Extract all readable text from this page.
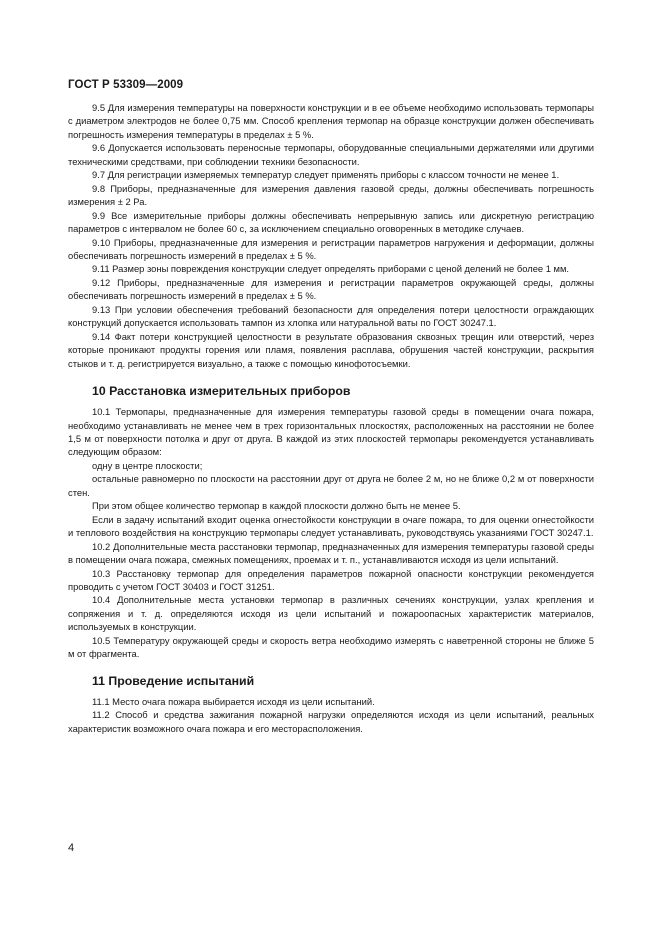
ГОСТ Р 53309—2009

9.5 Для измерения температуры на поверхности конструкции и в ее объеме необходимо использовать термопары с диаметром электродов не более 0,75 мм. Способ крепления термопар на образце конструкции должен обеспечивать погрешность измерения температуры в пределах ± 5 %.

9.6 Допускается использовать переносные термопары, оборудованные специальными держателями или другими техническими средствами, при соблюдении техники безопасности.

9.7 Для регистрации измеряемых температур следует применять приборы с классом точности не менее 1.

9.8 Приборы, предназначенные для измерения давления газовой среды, должны обеспечивать погрешность измерения ± 2 Ра.

9.9 Все измерительные приборы должны обеспечивать непрерывную запись или дискретную регистрацию параметров с интервалом не более 60 с, за исключением специально оговоренных в методике случаев.

9.10 Приборы, предназначенные для измерения и регистрации параметров нагружения и деформации, должны обеспечивать погрешность измерений в пределах ± 5 %.

9.11 Размер зоны повреждения конструкции следует определять приборами с ценой делений не более 1 мм.

9.12 Приборы, предназначенные для измерения и регистрации параметров окружающей среды, должны обеспечивать погрешность измерений в пределах ± 5 %.

9.13 При условии обеспечения требований безопасности для определения потери целостности ограждающих конструкций допускается использовать тампон из хлопка или натуральной ваты по ГОСТ 30247.1.

9.14 Факт потери конструкцией целостности в результате образования сквозных трещин или отверстий, через которые проникают продукты горения или пламя, появления расплава, обрушения частей конструкции, раскрытия стыков и т. д. регистрируется визуально, а также с помощью кинофотосъемки.

10 Расстановка измерительных приборов

10.1 Термопары, предназначенные для измерения температуры газовой среды в помещении очага пожара, необходимо устанавливать не менее чем в трех горизонтальных плоскостях, расположенных на расстоянии не более 1,5 м от поверхности потолка и друг от друга. В каждой из этих плоскостей термопары рекомендуется устанавливать следующим образом:

одну в центре плоскости;

остальные равномерно по плоскости на расстоянии друг от друга не более 2 м, но не ближе 0,2 м от поверхности стен.

При этом общее количество термопар в каждой плоскости должно быть не менее 5.

Если в задачу испытаний входит оценка огнестойкости конструкции в очаге пожара, то для оценки огнестойкости и теплового воздействия на конструкцию термопары следует устанавливать, руководствуясь указаниями ГОСТ 30247.1.

10.2 Дополнительные места расстановки термопар, предназначенных для измерения температуры газовой среды в помещении очага пожара, смежных помещениях, проемах и т. п., устанавливаются исходя из цели испытаний.

10.3 Расстановку термопар для определения параметров пожарной опасности конструкции рекомендуется проводить с учетом ГОСТ 30403 и ГОСТ 31251.

10.4 Дополнительные места установки термопар в различных сечениях конструкции, узлах крепления и сопряжения и т. д. определяются исходя из цели испытаний и пожароопасных характеристик материалов, используемых в конструкции.

10.5 Температуру окружающей среды и скорость ветра необходимо измерять с наветренной стороны не ближе 5 м от фрагмента.

11 Проведение испытаний

11.1 Место очага пожара выбирается исходя из цели испытаний.

11.2 Способ и средства зажигания пожарной нагрузки определяются исходя из цели испытаний, реальных характеристик возможного очага пожара и его месторасположения.

4
